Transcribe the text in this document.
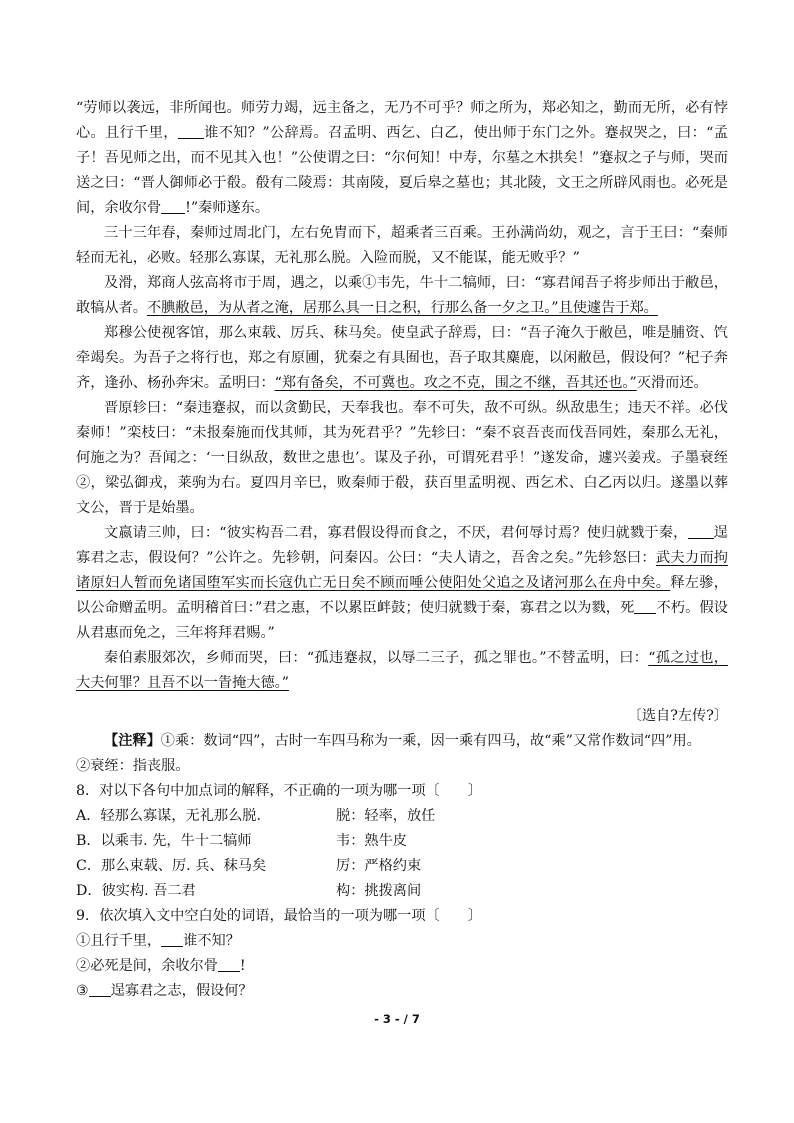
“劳师以袭远，非所闻也。师劳力竭，远主备之，无乃不可乎？师之所为，郑必知之，勤而无所，必有悖心。且行千里， 谁不知？”公辞焉。召孟明、西乞、白乙，使出师于东门之外。蹇叔哭之，曰：“孟子！吾见师之出，而不见其入也！”公使谓之曰：“尔何知！中寿，尔墓之木拱矣！”蹇叔之子与师，哭而送之曰：“晋人御师必于殽。殽有二陵焉：其南陵，夏后皋之墓也；其北陵，文王之所辟风雨也。必死是间，余收尔骨 !”秦师遂东。

三十三年春，秦师过周北门，左右免胄而下，超乘者三百乘。王孙满尚幼，观之，言于王曰：“秦师轻而无礼，必败。轻那么寡谋，无礼那么脱。入险而脱，又不能谋，能无败乎？”

及滑，郑商人弦高将市于周，遇之，以乘①韦先，牛十二犒师，曰：“寡君闻吾子将步师出于敝邑，敢犒从者。不腆敝邑，为从者之淹，居那么具一日之积，行那么备一夕之卫。”且使遽告于郑。

郑穆公使视客馆，那么束载、厉兵、秣马矣。使皇武子辞焉，曰：“吾子淹久于敝邑，唯是脯资、饩牵竭矣。为吾子之将行也，郑之有原圃，犹秦之有具囿也，吾子取其麋鹿，以闲敝邑，假设何？”杞子奔齐，逢孙、杨孙奔宋。孟明曰：“郑有备矣，不可冀也。攻之不克，围之不继，吾其还也。”灭滑而还。

晋原轸曰：“秦违蹇叔，而以贪勤民，天奉我也。奉不可失，敌不可纵。纵敌患生；违天不祥。必伐秦师！”栾枝曰：“未报秦施而伐其师，其为死君乎？”先轸曰：“秦不哀吾丧而伐吾同姓，秦那么无礼，何施之为？吾闻之：‘一日纵敌，数世之患也’。谋及子孙，可谓死君乎！”遂发命，遽兴姜戎。子墨衰绖②，梁弘御戎，莱驹为右。夏四月辛巳，败秦师于殽，获百里孟明视、西乞术、白乙丙以归。遂墨以葬文公，晋于是始墨。

文嬴请三帅，曰：“彼实构吾二君，寡君假设得而食之，不厌，君何辱讨焉？使归就戮于秦， 逞寡君之志，假设何？”公许之。先轸朝，问秦囚。公曰：“夫人请之，吾舍之矣。”先轸怒曰：武夫力而拘诸原妇人暂而免诸国堕军实而长寇仇亡无日矣不顾而唾公使阳处父追之及诸河那么在舟中矣。释左骖，以公命赠孟明。孟明稽首曰：”君之惠，不以累臣衅鼓；使归就戮于秦，寡君之以为戮，死 不朽。假设从君惠而免之，三年将拜君赐。”

秦伯素服郊次，乡师而哭，曰：“孤违蹇叔，以辱二三子，孤之罪也。”不替孟明，曰：“孤之过也，大夫何罪？且吾不以一眚掩大德。”

〔选自?左传?〕

【注释】①乘：数词“四”，古时一车四马称为一乘，因一乘有四马，故“乘”又常作数词“四”用。

②衰绖：指丧服。

8．对以下各句中加点词的解释，不正确的一项为哪一项〔 〕

A．轻那么寡谋，无礼那么脱.	脱：轻率，放任
B．以乘韦. 先，牛十二犒师	韦：熟牛皮
C．那么束载、厉. 兵、秣马矣	厉：严格约束
D．彼实构. 吾二君	构：挑拨离间

9．依次填入文中空白处的词语，最恰当的一项为哪一项〔 〕

①且行千里， 谁不知？

②必死是间，余收尔骨 !

③ 逞寡君之志，假设何？

- 3 - / 7
